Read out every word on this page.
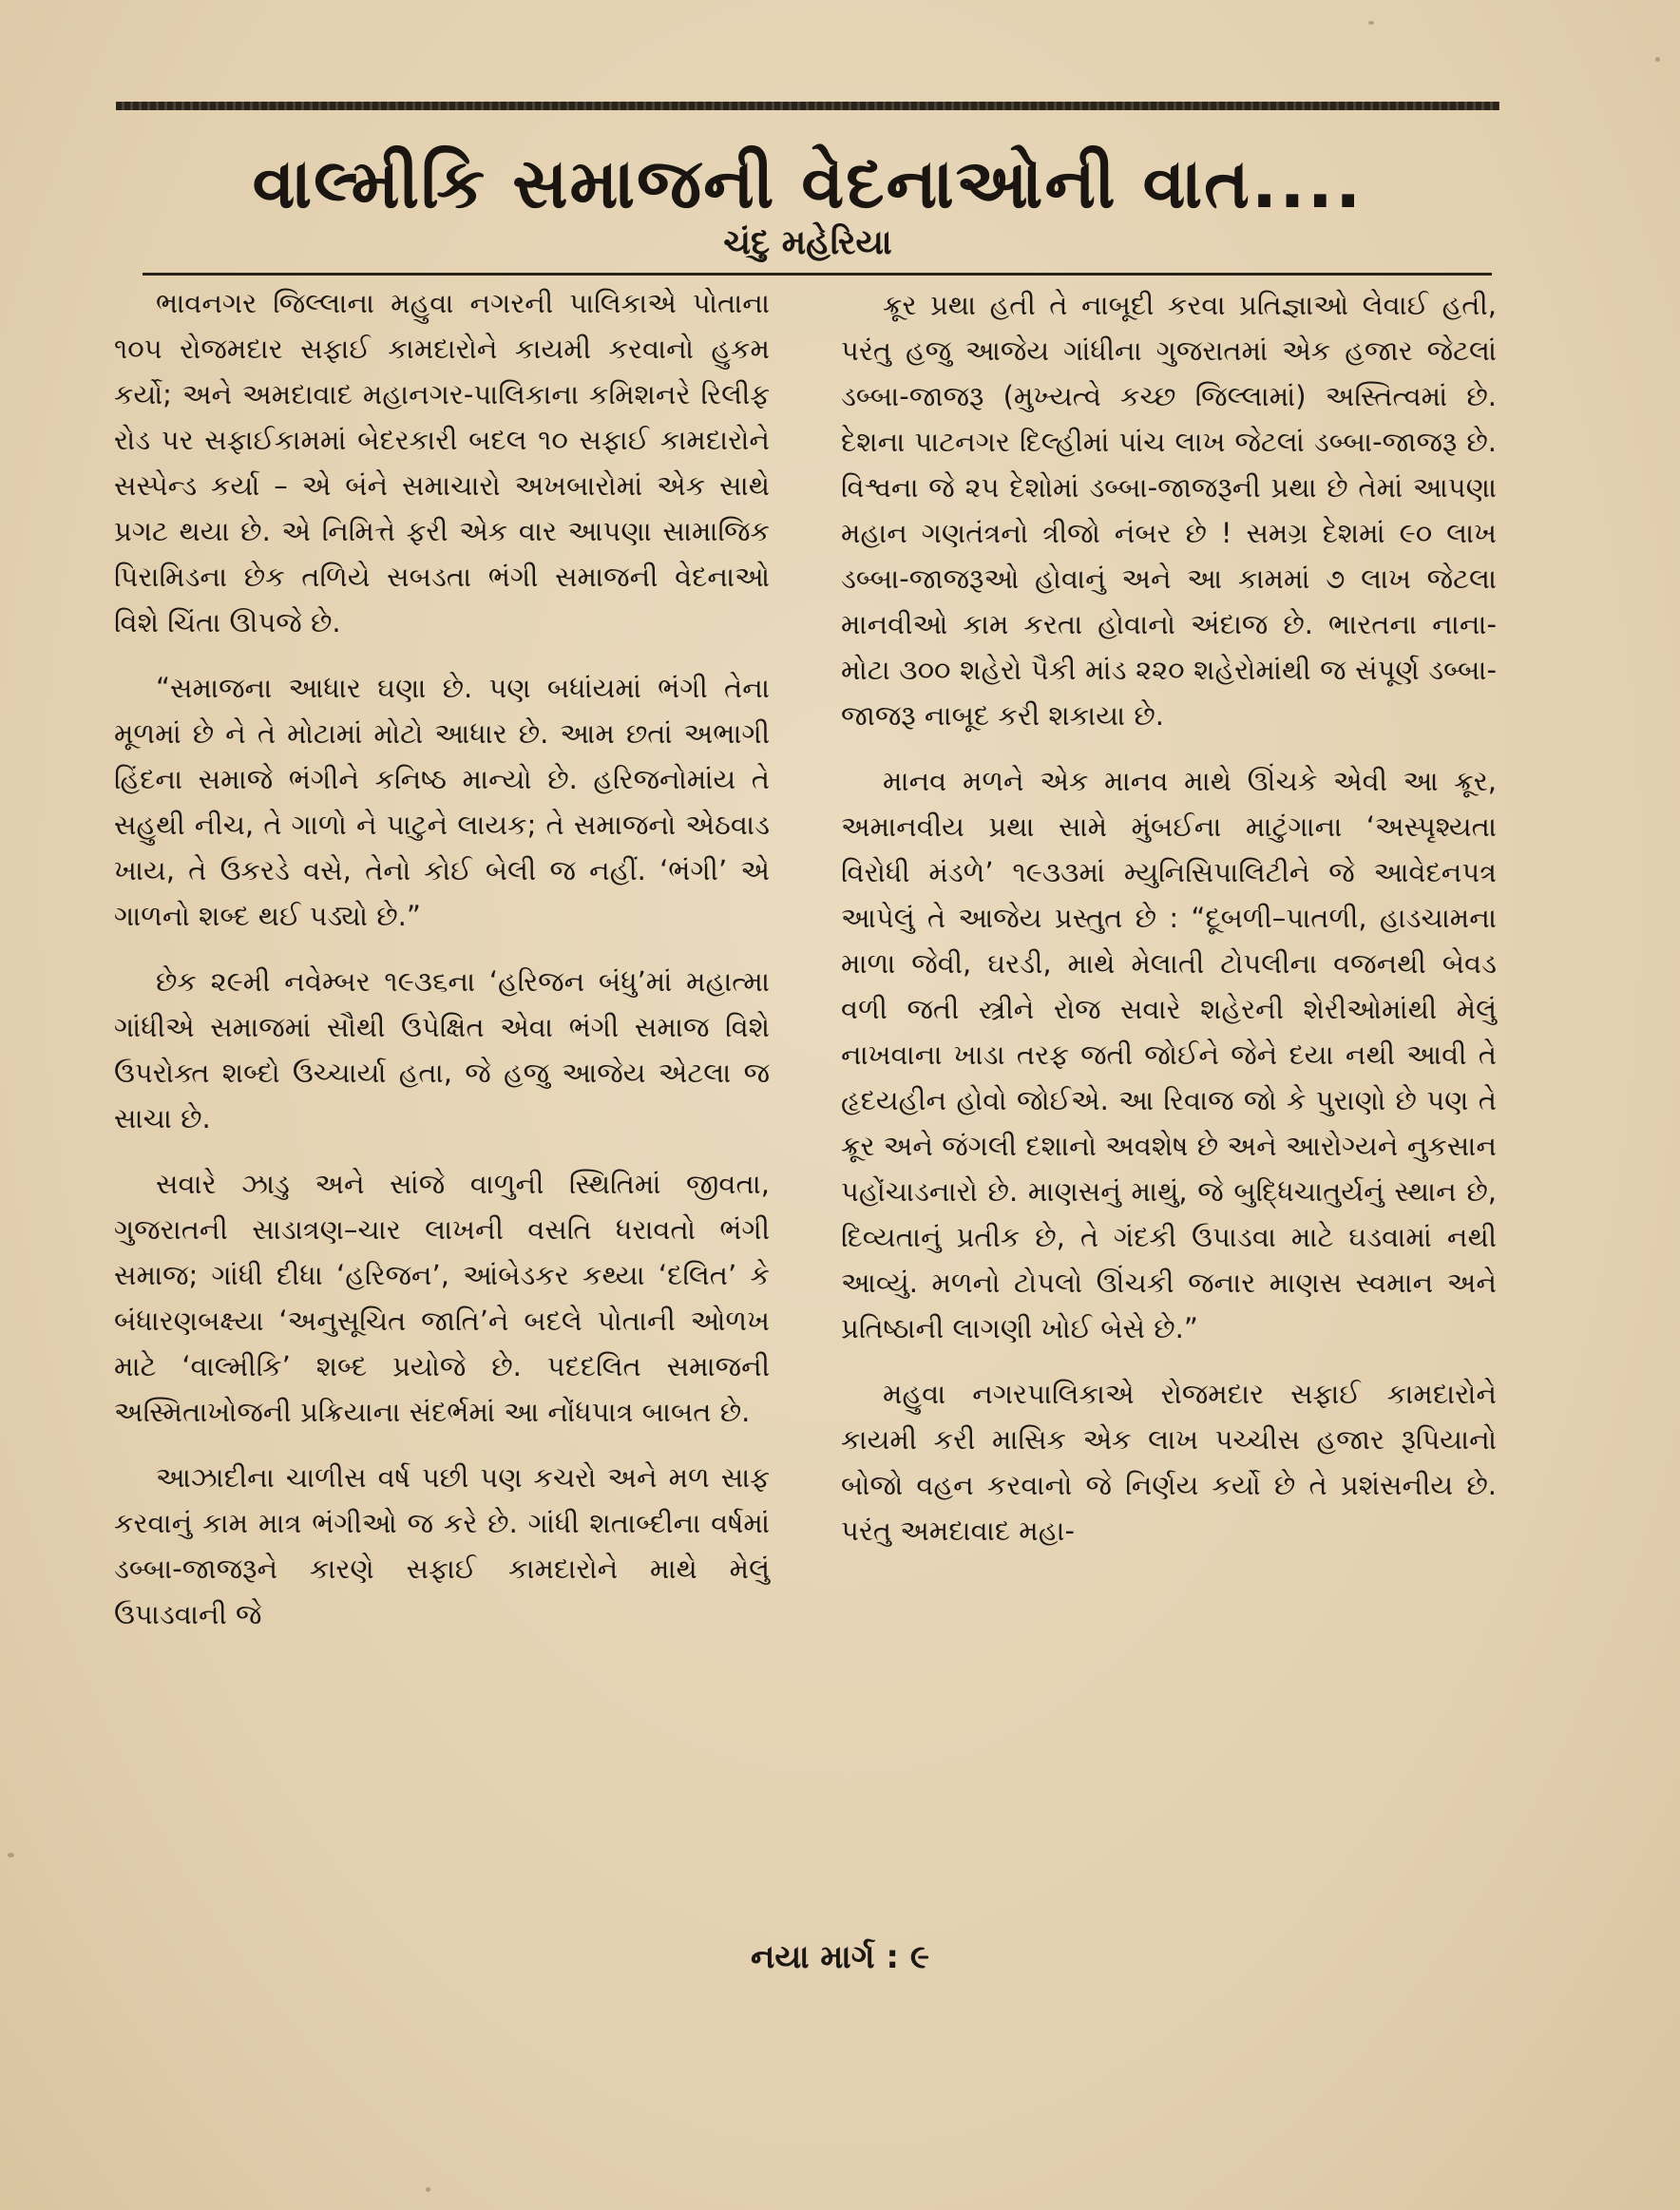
વાલ્મીકિ સમાજની વેદનાઓની વાત....
ચંદુ મહેરિયા

ભાવનગર જિલ્લાના મહુવા નગરની પાલિકાએ પોતાના ૧૦૫ રોજમદાર સફાઈ કામદારોને કાયમી કરવાનો હુકમ કર્યો; અને અમદાવાદ મહાનગર-પાલિકાના કમિશનરે રિલીફ રોડ પર સફાઈકામમાં બેદરકારી બદલ ૧૦ સફાઈ કામદારોને સસ્પેન્ડ કર્યા – એ બંને સમાચારો અખબારોમાં એક સાથે પ્રગટ થયા છે. એ નિમિત્તે ફરી એક વાર આપણા સામાજિક પિરામિડના છેક તળિયે સબડતા ભંગી સમાજની વેદનાઓ વિશે ચિંતા ઊપજે છે.

“સમાજના આધાર ઘણા છે. પણ બધાંયમાં ભંગી તેના મૂળમાં છે ને તે મોટામાં મોટો આધાર છે. આમ છતાં અભાગી હિંદના સમાજે ભંગીને કનિષ્ઠ માન્યો છે. હરિજનોમાંય તે સહુથી નીચ, તે ગાળો ને પાટુને લાયક; તે સમાજનો એઠવાડ ખાય, તે ઉકરડે વસે, તેનો કોઈ બેલી જ નહીં. ‘ભંગી’ એ ગાળનો શબ્દ થઈ પડ્યો છે.”

છેક ૨૯મી નવેમ્બર ૧૯૩૬ના ‘હરિજન બંધુ’માં મહાત્મા ગાંધીએ સમાજમાં સૌથી ઉપેક્ષિત એવા ભંગી સમાજ વિશે ઉપરોક્ત શબ્દો ઉચ્ચાર્યા હતા, જે હજુ આજેય એટલા જ સાચા છે.

સવારે ઝાડુ અને સાંજે વાળુની સ્થિતિમાં જીવતા, ગુજરાતની સાડાત્રણ–ચાર લાખની વસતિ ધરાવતો ભંગી સમાજ; ગાંધી દીધા ‘હરિજન’, આંબેડકર કથ્યા ‘દલિત’ કે બંધારણબક્ષ્યા ‘અનુસૂચિત જાતિ’ને બદલે પોતાની ઓળખ માટે ‘વાલ્મીકિ’ શબ્દ પ્રયોજે છે. પદદલિત સમાજની અસ્મિતાખોજની પ્રક્રિયાના સંદર્ભમાં આ નોંધપાત્ર બાબત છે.

આઝાદીના ચાળીસ વર્ષ પછી પણ કચરો અને મળ સાફ કરવાનું કામ માત્ર ભંગીઓ જ કરે છે. ગાંધી શતાબ્દીના વર્ષમાં ડબ્બા-જાજરૂને કારણે સફાઈ કામદારોને માથે મેલું ઉપાડવાની જે

ક્રૂર પ્રથા હતી તે નાબૂદી કરવા પ્રતિજ્ઞાઓ લેવાઈ હતી, પરંતુ હજુ આજેય ગાંધીના ગુજરાતમાં એક હજાર જેટલાં ડબ્બા-જાજરૂ (મુખ્યત્વે કચ્છ જિલ્લામાં) અસ્તિત્વમાં છે. દેશના પાટનગર દિલ્હીમાં પાંચ લાખ જેટલાં ડબ્બા-જાજરૂ છે. વિશ્વના જે ૨૫ દેશોમાં ડબ્બા-જાજરૂની પ્રથા છે તેમાં આપણા મહાન ગણતંત્રનો ત્રીજો નંબર છે ! સમગ્ર દેશમાં ૯૦ લાખ ડબ્બા-જાજરૂઓ હોવાનું અને આ કામમાં ૭ લાખ જેટલા માનવીઓ કામ કરતા હોવાનો અંદાજ છે. ભારતના નાના-મોટા ૩૦૦ શહેરો પૈકી માંડ ૨૨૦ શહેરોમાંથી જ સંપૂર્ણ ડબ્બા-જાજરૂ નાબૂદ કરી શકાયા છે.

માનવ મળને એક માનવ માથે ઊંચકે એવી આ ક્રૂર, અમાનવીય પ્રથા સામે મુંબઈના માટુંગાના ‘અસ્પૃશ્યતા વિરોધી મંડળે’ ૧૯૩૩માં મ્યુનિસિપાલિટીને જે આવેદનપત્ર આપેલું તે આજેય પ્રસ્તુત છે : “દૂબળી–પાતળી, હાડચામના માળા જેવી, ઘરડી, માથે મેલાતી ટોપલીના વજનથી બેવડ વળી જતી સ્ત્રીને રોજ સવારે શહેરની શેરીઓમાંથી મેલું નાખવાના ખાડા તરફ જતી જોઈને જેને દયા નથી આવી તે હૃદયહીન હોવો જોઈએ. આ રિવાજ જો કે પુરાણો છે પણ તે ક્રૂર અને જંગલી દશાનો અવશેષ છે અને આરોગ્યને નુકસાન પહોંચાડનારો છે. માણસનું માથું, જે બુદ્ધિચાતુર્યનું સ્થાન છે, દિવ્યતાનું પ્રતીક છે, તે ગંદકી ઉપાડવા માટે ઘડવામાં નથી આવ્યું. મળનો ટોપલો ઊંચકી જનાર માણસ સ્વમાન અને પ્રતિષ્ઠાની લાગણી ખોઈ બેસે છે.”

મહુવા નગરપાલિકાએ રોજમદાર સફાઈ કામદારોને કાયમી કરી માસિક એક લાખ પચ્ચીસ હજાર રૂપિયાનો બોજો વહન કરવાનો જે નિર્ણય કર્યો છે તે પ્રશંસનીય છે. પરંતુ અમદાવાદ મહા-

નયા માર્ગ : ૯
